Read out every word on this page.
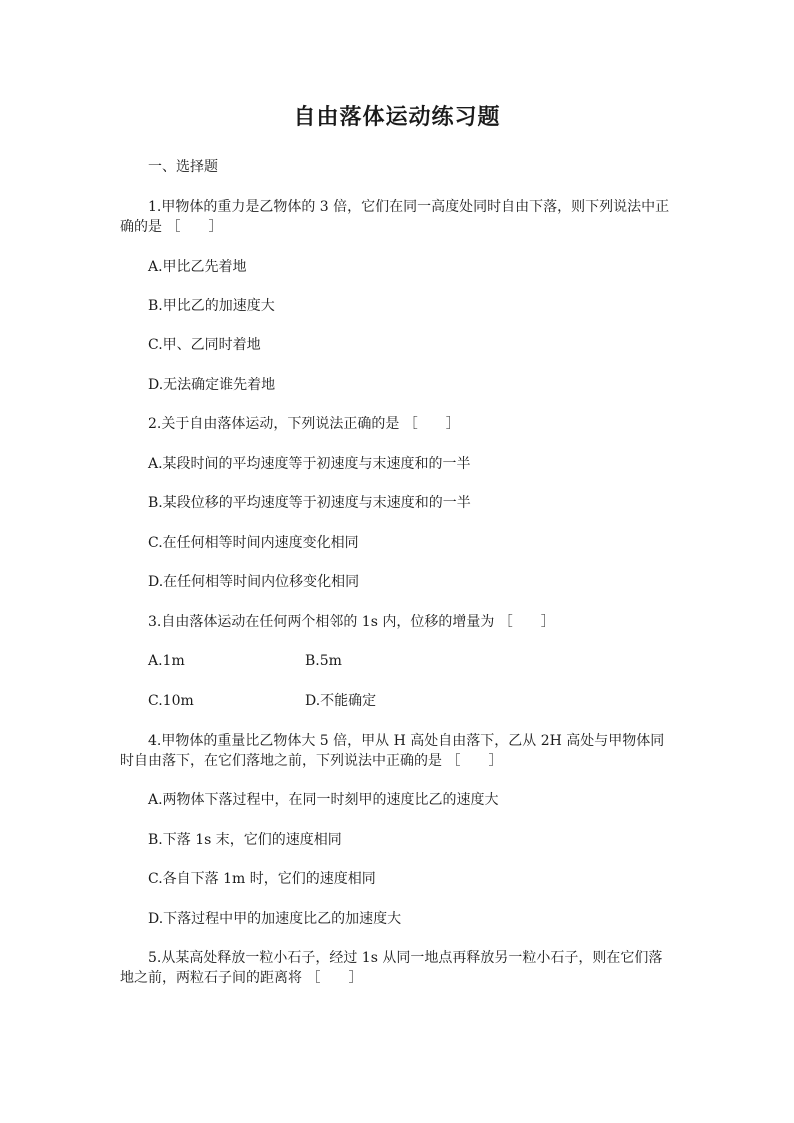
自由落体运动练习题
一、选择题
1.甲物体的重力是乙物体的 3 倍，它们在同一高度处同时自由下落，则下列说法中正确的是 ［　　］
A.甲比乙先着地
B.甲比乙的加速度大
C.甲、乙同时着地
D.无法确定谁先着地
2.关于自由落体运动，下列说法正确的是 ［　　］
A.某段时间的平均速度等于初速度与末速度和的一半
B.某段位移的平均速度等于初速度与末速度和的一半
C.在任何相等时间内速度变化相同
D.在任何相等时间内位移变化相同
3.自由落体运动在任何两个相邻的 1s 内，位移的增量为 ［　　］
A.1m	B.5m
C.10m	D.不能确定
4.甲物体的重量比乙物体大 5 倍，甲从 H 高处自由落下，乙从 2H 高处与甲物体同时自由落下，在它们落地之前，下列说法中正确的是 ［　　］
A.两物体下落过程中，在同一时刻甲的速度比乙的速度大
B.下落 1s 末，它们的速度相同
C.各自下落 1m 时，它们的速度相同
D.下落过程中甲的加速度比乙的加速度大
5.从某高处释放一粒小石子，经过 1s 从同一地点再释放另一粒小石子，则在它们落地之前，两粒石子间的距离将 ［　　］
